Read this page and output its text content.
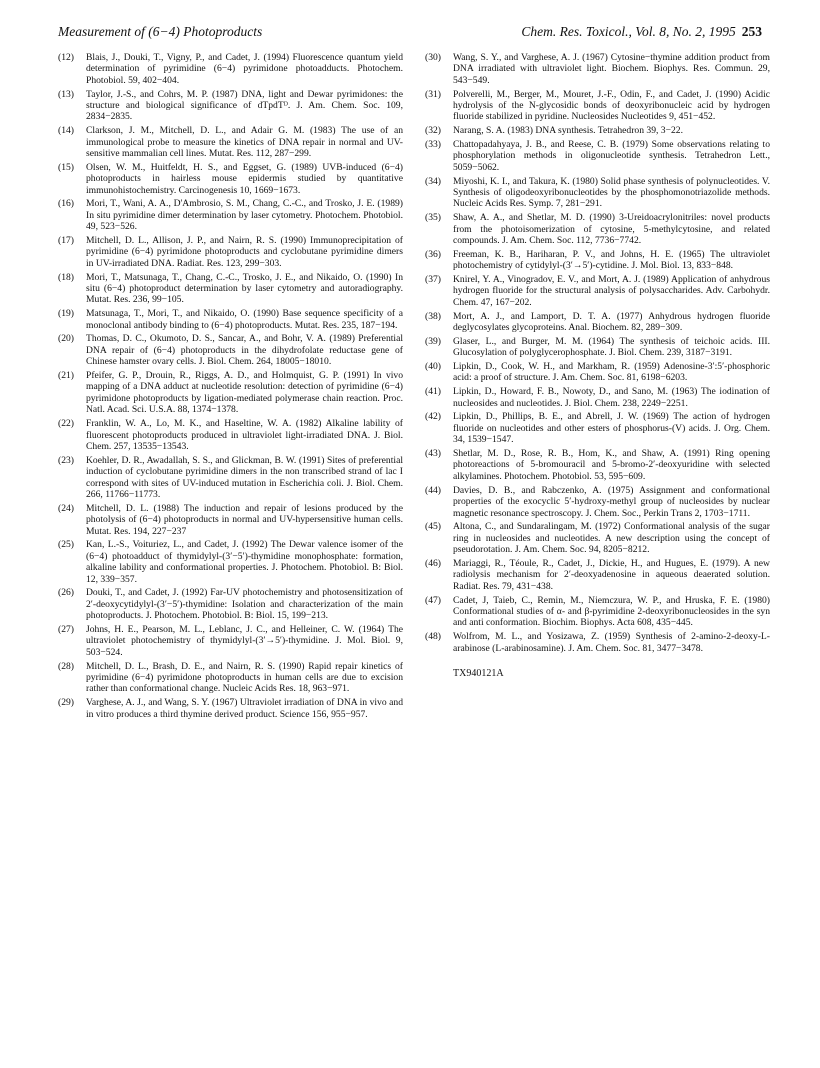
Measurement of (6−4) Photoproducts	Chem. Res. Toxicol., Vol. 8, No. 2, 1995 253
(12)	Blais, J., Douki, T., Vigny, P., and Cadet, J. (1994) Fluorescence quantum yield determination of pyrimidine (6−4) pyrimidone photoadducts. Photochem. Photobiol. 59, 402−404.
(13)	Taylor, J.-S., and Cohrs, M. P. (1987) DNA, light and Dewar pyrimidones: the structure and biological significance of dTpdTᴰ. J. Am. Chem. Soc. 109, 2834−2835.
(14)	Clarkson, J. M., Mitchell, D. L., and Adair G. M. (1983) The use of an immunological probe to measure the kinetics of DNA repair in normal and UV-sensitive mammalian cell lines. Mutat. Res. 112, 287−299.
(15)	Olsen, W. M., Huitfeldt, H. S., and Eggset, G. (1989) UVB-induced (6−4) photoproducts in hairless mouse epidermis studied by quantitative immunohistochemistry. Carcinogenesis 10, 1669−1673.
(16)	Mori, T., Wani, A. A., D'Ambrosio, S. M., Chang, C.-C., and Trosko, J. E. (1989) In situ pyrimidine dimer determination by laser cytometry. Photochem. Photobiol. 49, 523−526.
(17)	Mitchell, D. L., Allison, J. P., and Nairn, R. S. (1990) Immunoprecipitation of pyrimidine (6−4) pyrimidone photoproducts and cyclobutane pyrimidine dimers in UV-irradiated DNA. Radiat. Res. 123, 299−303.
(18)	Mori, T., Matsunaga, T., Chang, C.-C., Trosko, J. E., and Nikaido, O. (1990) In situ (6−4) photoproduct determination by laser cytometry and autoradiography. Mutat. Res. 236, 99−105.
(19)	Matsunaga, T., Mori, T., and Nikaido, O. (1990) Base sequence specificity of a monoclonal antibody binding to (6−4) photoproducts. Mutat. Res. 235, 187−194.
(20)	Thomas, D. C., Okumoto, D. S., Sancar, A., and Bohr, V. A. (1989) Preferential DNA repair of (6−4) photoproducts in the dihydrofolate reductase gene of Chinese hamster ovary cells. J. Biol. Chem. 264, 18005−18010.
(21)	Pfeifer, G. P., Drouin, R., Riggs, A. D., and Holmquist, G. P. (1991) In vivo mapping of a DNA adduct at nucleotide resolution: detection of pyrimidine (6−4) pyrimidone photoproducts by ligation-mediated polymerase chain reaction. Proc. Natl. Acad. Sci. U.S.A. 88, 1374−1378.
(22)	Franklin, W. A., Lo, M. K., and Haseltine, W. A. (1982) Alkaline lability of fluorescent photoproducts produced in ultraviolet light-irradiated DNA. J. Biol. Chem. 257, 13535−13543.
(23)	Koehler, D. R., Awadallah, S. S., and Glickman, B. W. (1991) Sites of preferential induction of cyclobutane pyrimidine dimers in the non transcribed strand of lac I correspond with sites of UV-induced mutation in Escherichia coli. J. Biol. Chem. 266, 11766−11773.
(24)	Mitchell, D. L. (1988) The induction and repair of lesions produced by the photolysis of (6−4) photoproducts in normal and UV-hypersensitive human cells. Mutat. Res. 194, 227−237
(25)	Kan, L.-S., Voituriez, L., and Cadet, J. (1992) The Dewar valence isomer of the (6−4) photoadduct of thymidylyl-(3′−5′)-thymidine monophosphate: formation, alkaline lability and conformational properties. J. Photochem. Photobiol. B: Biol. 12, 339−357.
(26)	Douki, T., and Cadet, J. (1992) Far-UV photochemistry and photosensitization of 2′-deoxycytidylyl-(3′−5′)-thymidine: Isolation and characterization of the main photoproducts. J. Photochem. Photobiol. B: Biol. 15, 199−213.
(27)	Johns, H. E., Pearson, M. L., Leblanc, J. C., and Helleiner, C. W. (1964) The ultraviolet photochemistry of thymidylyl-(3′→5′)-thymidine. J. Mol. Biol. 9, 503−524.
(28)	Mitchell, D. L., Brash, D. E., and Nairn, R. S. (1990) Rapid repair kinetics of pyrimidine (6−4) pyrimidone photoproducts in human cells are due to excision rather than conformational change. Nucleic Acids Res. 18, 963−971.
(29)	Varghese, A. J., and Wang, S. Y. (1967) Ultraviolet irradiation of DNA in vivo and in vitro produces a third thymine derived product. Science 156, 955−957.
(30)	Wang, S. Y., and Varghese, A. J. (1967) Cytosine−thymine addition product from DNA irradiated with ultraviolet light. Biochem. Biophys. Res. Commun. 29, 543−549.
(31)	Polverelli, M., Berger, M., Mouret, J.-F., Odin, F., and Cadet, J. (1990) Acidic hydrolysis of the N-glycosidic bonds of deoxyribonucleic acid by hydrogen fluoride stabilized in pyridine. Nucleosides Nucleotides 9, 451−452.
(32)	Narang, S. A. (1983) DNA synthesis. Tetrahedron 39, 3−22.
(33)	Chattopadahyaya, J. B., and Reese, C. B. (1979) Some observations relating to phosphorylation methods in oligonucleotide synthesis. Tetrahedron Lett., 5059−5062.
(34)	Miyoshi, K. I., and Takura, K. (1980) Solid phase synthesis of polynucleotides. V. Synthesis of oligodeoxyribonucleotides by the phosphomonotriazolide methods. Nucleic Acids Res. Symp. 7, 281−291.
(35)	Shaw, A. A., and Shetlar, M. D. (1990) 3-Ureidoacrylonitriles: novel products from the photoisomerization of cytosine, 5-methylcytosine, and related compounds. J. Am. Chem. Soc. 112, 7736−7742.
(36)	Freeman, K. B., Hariharan, P. V., and Johns, H. E. (1965) The ultraviolet photochemistry of cytidylyl-(3′→5′)-cytidine. J. Mol. Biol. 13, 833−848.
(37)	Knirel, Y. A., Vinogradov, E. V., and Mort, A. J. (1989) Application of anhydrous hydrogen fluoride for the structural analysis of polysaccharides. Adv. Carbohydr. Chem. 47, 167−202.
(38)	Mort, A. J., and Lamport, D. T. A. (1977) Anhydrous hydrogen fluoride deglycosylates glycoproteins. Anal. Biochem. 82, 289−309.
(39)	Glaser, L., and Burger, M. M. (1964) The synthesis of teichoic acids. III. Glucosylation of polyglycerophosphate. J. Biol. Chem. 239, 3187−3191.
(40)	Lipkin, D., Cook, W. H., and Markham, R. (1959) Adenosine-3′:5′-phosphoric acid: a proof of structure. J. Am. Chem. Soc. 81, 6198−6203.
(41)	Lipkin, D., Howard, F. B., Nowoty, D., and Sano, M. (1963) The iodination of nucleosides and nucleotides. J. Biol. Chem. 238, 2249−2251.
(42)	Lipkin, D., Phillips, B. E., and Abrell, J. W. (1969) The action of hydrogen fluoride on nucleotides and other esters of phosphorus-(V) acids. J. Org. Chem. 34, 1539−1547.
(43)	Shetlar, M. D., Rose, R. B., Hom, K., and Shaw, A. (1991) Ring opening photoreactions of 5-bromouracil and 5-bromo-2′-deoxyuridine with selected alkylamines. Photochem. Photobiol. 53, 595−609.
(44)	Davies, D. B., and Rabczenko, A. (1975) Assignment and conformational properties of the exocyclic 5′-hydroxy-methyl group of nucleosides by nuclear magnetic resonance spectroscopy. J. Chem. Soc., Perkin Trans 2, 1703−1711.
(45)	Altona, C., and Sundaralingam, M. (1972) Conformational analysis of the sugar ring in nucleosides and nucleotides. A new description using the concept of pseudorotation. J. Am. Chem. Soc. 94, 8205−8212.
(46)	Mariaggi, R., Téoule, R., Cadet, J., Dickie, H., and Hugues, E. (1979). A new radiolysis mechanism for 2′-deoxyadenosine in aqueous deaerated solution. Radiat. Res. 79, 431−438.
(47)	Cadet, J, Taieb, C., Remin, M., Niemczura, W. P., and Hruska, F. E. (1980) Conformational studies of α- and β-pyrimidine 2-deoxyribonucleosides in the syn and anti conformation. Biochim. Biophys. Acta 608, 435−445.
(48)	Wolfrom, M. L., and Yosizawa, Z. (1959) Synthesis of 2-amino-2-deoxy-L-arabinose (L-arabinosamine). J. Am. Chem. Soc. 81, 3477−3478.
TX940121A
